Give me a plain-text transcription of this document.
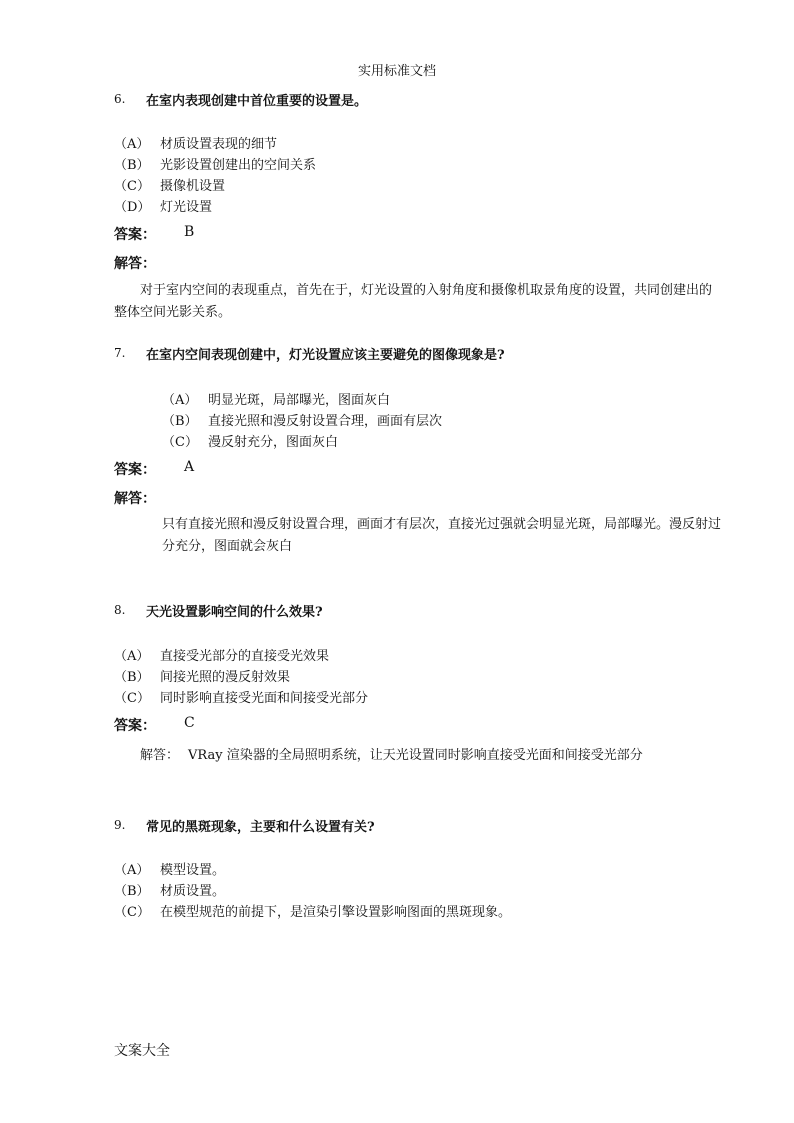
实用标准文档
6. 在室内表现创建中首位重要的设置是。
（A） 材质设置表现的细节
（B） 光影设置创建出的空间关系
（C） 摄像机设置
（D） 灯光设置
答案： B
解答：
对于室内空间的表现重点，首先在于，灯光设置的入射角度和摄像机取景角度的设置，共同创建出的整体空间光影关系。
7. 在室内空间表现创建中，灯光设置应该主要避免的图像现象是?
（A） 明显光斑，局部曝光，图面灰白
（B） 直接光照和漫反射设置合理，画面有层次
（C） 漫反射充分，图面灰白
答案： A
解答：
只有直接光照和漫反射设置合理，画面才有层次，直接光过强就会明显光斑，局部曝光。漫反射过分充分，图面就会灰白
8. 天光设置影响空间的什么效果?
（A） 直接受光部分的直接受光效果
（B） 间接光照的漫反射效果
（C） 同时影响直接受光面和间接受光部分
答案： C
解答： VRay 渲染器的全局照明系统，让天光设置同时影响直接受光面和间接受光部分
9. 常见的黑斑现象，主要和什么设置有关?
（A） 模型设置。
（B） 材质设置。
（C） 在模型规范的前提下，是渲染引擎设置影响图面的黑斑现象。
文案大全
